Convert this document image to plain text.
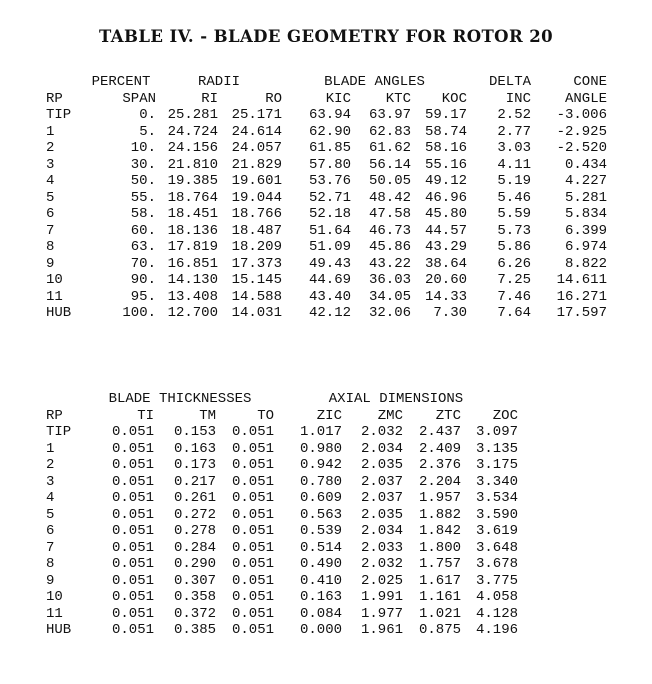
TABLE IV. - BLADE GEOMETRY FOR ROTOR 20
	PERCENT	RADII		BLADE ANGLES			DELTA	CONE
RP	SPAN	RI	RO	KIC	KTC	KOC	INC	ANGLE
TIP	0.	25.281	25.171	63.94	63.97	59.17	2.52	-3.006
1	5.	24.724	24.614	62.90	62.83	58.74	2.77	-2.925
2	10.	24.156	24.057	61.85	61.62	58.16	3.03	-2.520
3	30.	21.810	21.829	57.80	56.14	55.16	4.11	0.434
4	50.	19.385	19.601	53.76	50.05	49.12	5.19	4.227
5	55.	18.764	19.044	52.71	48.42	46.96	5.46	5.281
6	58.	18.451	18.766	52.18	47.58	45.80	5.59	5.834
7	60.	18.136	18.487	51.64	46.73	44.57	5.73	6.399
8	63.	17.819	18.209	51.09	45.86	43.29	5.86	6.974
9	70.	16.851	17.373	49.43	43.22	38.64	6.26	8.822
10	90.	14.130	15.145	44.69	36.03	20.60	7.25	14.611
11	95.	13.408	14.588	43.40	34.05	14.33	7.46	16.271
HUB	100.	12.700	14.031	42.12	32.06	7.30	7.64	17.597
	BLADE THICKNESSES			AXIAL DIMENSIONS			
RP	TI	TM	TO	ZIC	ZMC	ZTC	ZOC
TIP	0.051	0.153	0.051	1.017	2.032	2.437	3.097
1	0.051	0.163	0.051	0.980	2.034	2.409	3.135
2	0.051	0.173	0.051	0.942	2.035	2.376	3.175
3	0.051	0.217	0.051	0.780	2.037	2.204	3.340
4	0.051	0.261	0.051	0.609	2.037	1.957	3.534
5	0.051	0.272	0.051	0.563	2.035	1.882	3.590
6	0.051	0.278	0.051	0.539	2.034	1.842	3.619
7	0.051	0.284	0.051	0.514	2.033	1.800	3.648
8	0.051	0.290	0.051	0.490	2.032	1.757	3.678
9	0.051	0.307	0.051	0.410	2.025	1.617	3.775
10	0.051	0.358	0.051	0.163	1.991	1.161	4.058
11	0.051	0.372	0.051	0.084	1.977	1.021	4.128
HUB	0.051	0.385	0.051	0.000	1.961	0.875	4.196
